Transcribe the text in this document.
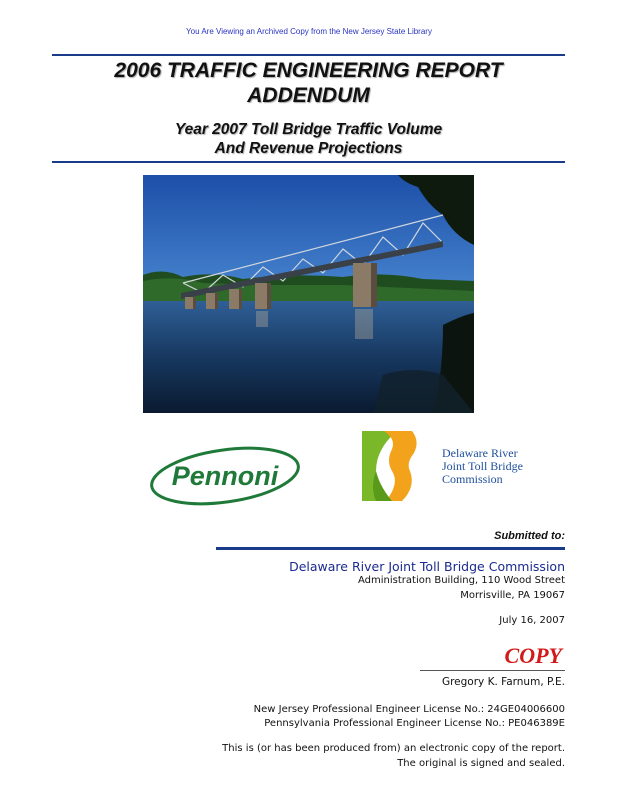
You Are Viewing an Archived Copy from the New Jersey State Library
2006 TRAFFIC ENGINEERING REPORT
ADDENDUM
Year 2007 Toll Bridge Traffic Volume
And Revenue Projections
Pennoni
Delaware River
Joint Toll Bridge
Commission
Submitted to:
Delaware River Joint Toll Bridge Commission
Administration Building, 110 Wood Street
Morrisville, PA 19067
July 16, 2007
COPY
Gregory K. Farnum, P.E.
New Jersey Professional Engineer License No.: 24GE04006600
Pennsylvania Professional Engineer License No.: PE046389E
This is (or has been produced from) an electronic copy of the report.
The original is signed and sealed.
